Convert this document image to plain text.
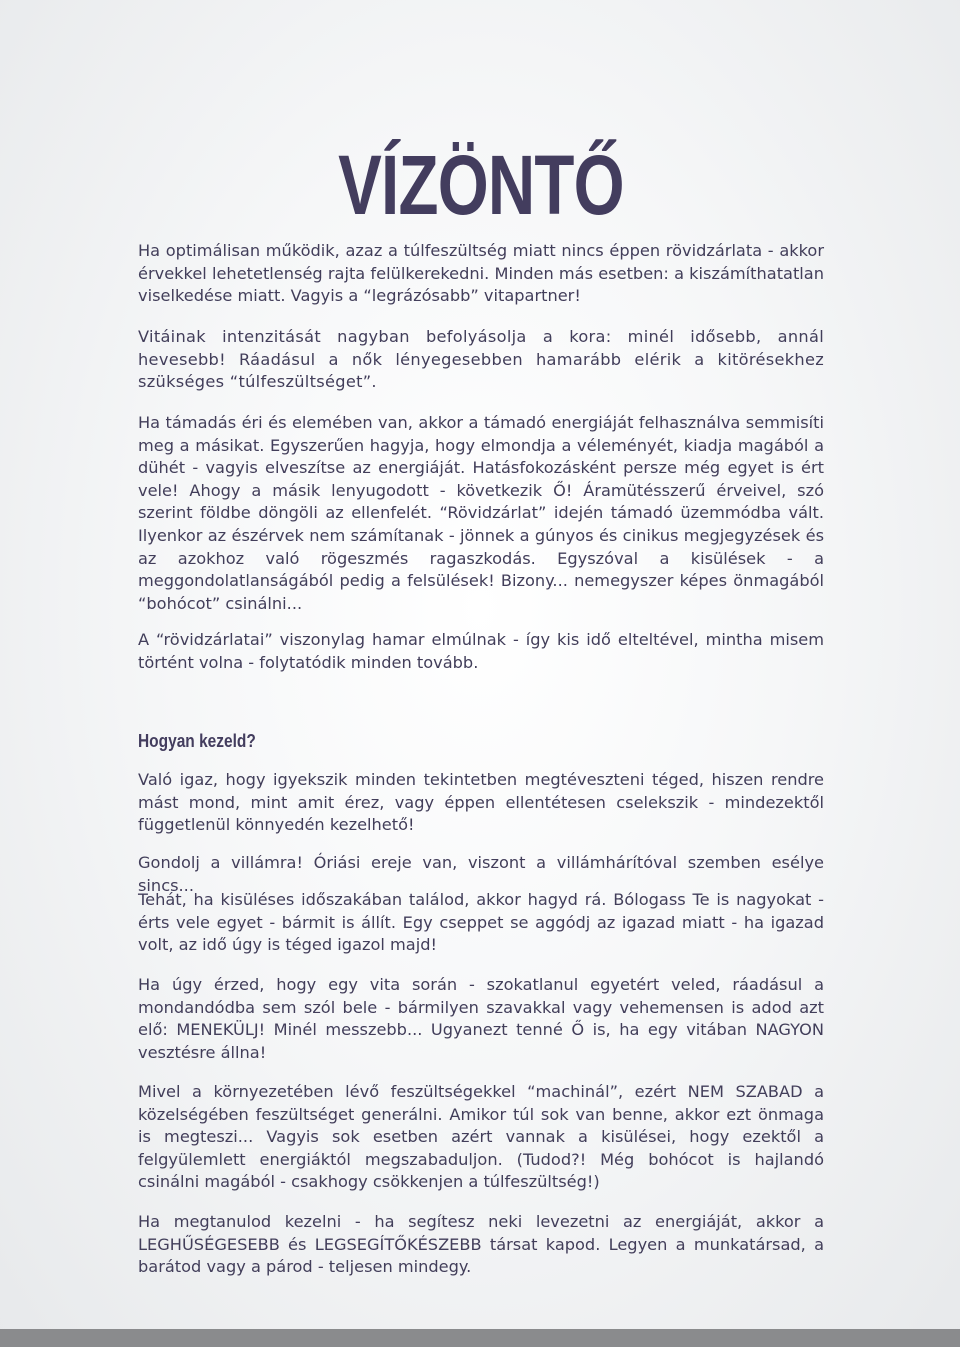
VÍZÖNTŐ

Ha optimálisan működik, azaz a túlfeszültség miatt nincs éppen rövidzárlata - akkor érvekkel lehetetlenség rajta felülkerekedni. Minden más esetben: a kiszámíthatatlan viselkedése miatt. Vagyis a “legrázósabb” vitapartner!

Vitáinak intenzitását nagyban befolyásolja a kora: minél idősebb, annál hevesebb! Ráadásul a nők lényegesebben hamarább elérik a kitörésekhez szükséges “túlfeszültséget”.

Ha támadás éri és elemében van, akkor a támadó energiáját felhasználva semmisíti meg a másikat. Egyszerűen hagyja, hogy elmondja a véleményét, kiadja magából a dühét - vagyis elveszítse az energiáját. Hatásfokozásként persze még egyet is ért vele! Ahogy a másik lenyugodott - következik Ő! Áramütésszerű érveivel, szó szerint földbe döngöli az ellenfelét. “Rövidzárlat” idején támadó üzemmódba vált. Ilyenkor az észérvek nem számítanak - jönnek a gúnyos és cinikus megjegyzések és az azokhoz való rögeszmés ragaszkodás. Egyszóval a kisülések - a meggondolatlanságából pedig a felsülések! Bizony... nemegyszer képes önmagából “bohócot” csinálni...

A “rövidzárlatai” viszonylag hamar elmúlnak - így kis idő elteltével, mintha misem történt volna - folytatódik minden tovább.

Hogyan kezeld?

Való igaz, hogy igyekszik minden tekintetben megtéveszteni téged, hiszen rendre mást mond, mint amit érez, vagy éppen ellentétesen cselekszik - mindezektől függetlenül könnyedén kezelhető!

Gondolj a villámra! Óriási ereje van, viszont a villámhárítóval szemben esélye sincs...

Tehát, ha kisüléses időszakában találod, akkor hagyd rá. Bólogass Te is nagyokat - érts vele egyet - bármit is állít. Egy cseppet se aggódj az igazad miatt - ha igazad volt, az idő úgy is téged igazol majd!

Ha úgy érzed, hogy egy vita során - szokatlanul egyetért veled, ráadásul a mondandódba sem szól bele - bármilyen szavakkal vagy vehemensen is adod azt elő: MENEKÜLJ! Minél messzebb... Ugyanezt tenné Ő is, ha egy vitában NAGYON vesztésre állna!

Mivel a környezetében lévő feszültségekkel “machinál”, ezért NEM SZABAD a közelségében feszültséget generálni. Amikor túl sok van benne, akkor ezt önmaga is megteszi... Vagyis sok esetben azért vannak a kisülései, hogy ezektől a felgyülemlett energiáktól megszabaduljon. (Tudod?! Még bohócot is hajlandó csinálni magából - csakhogy csökkenjen a túlfeszültség!)

Ha megtanulod kezelni - ha segítesz neki levezetni az energiáját, akkor a LEGHŰSÉGESEBB és LEGSEGÍTŐKÉSZEBB társat kapod. Legyen a munkatársad, a barátod vagy a párod - teljesen mindegy.
